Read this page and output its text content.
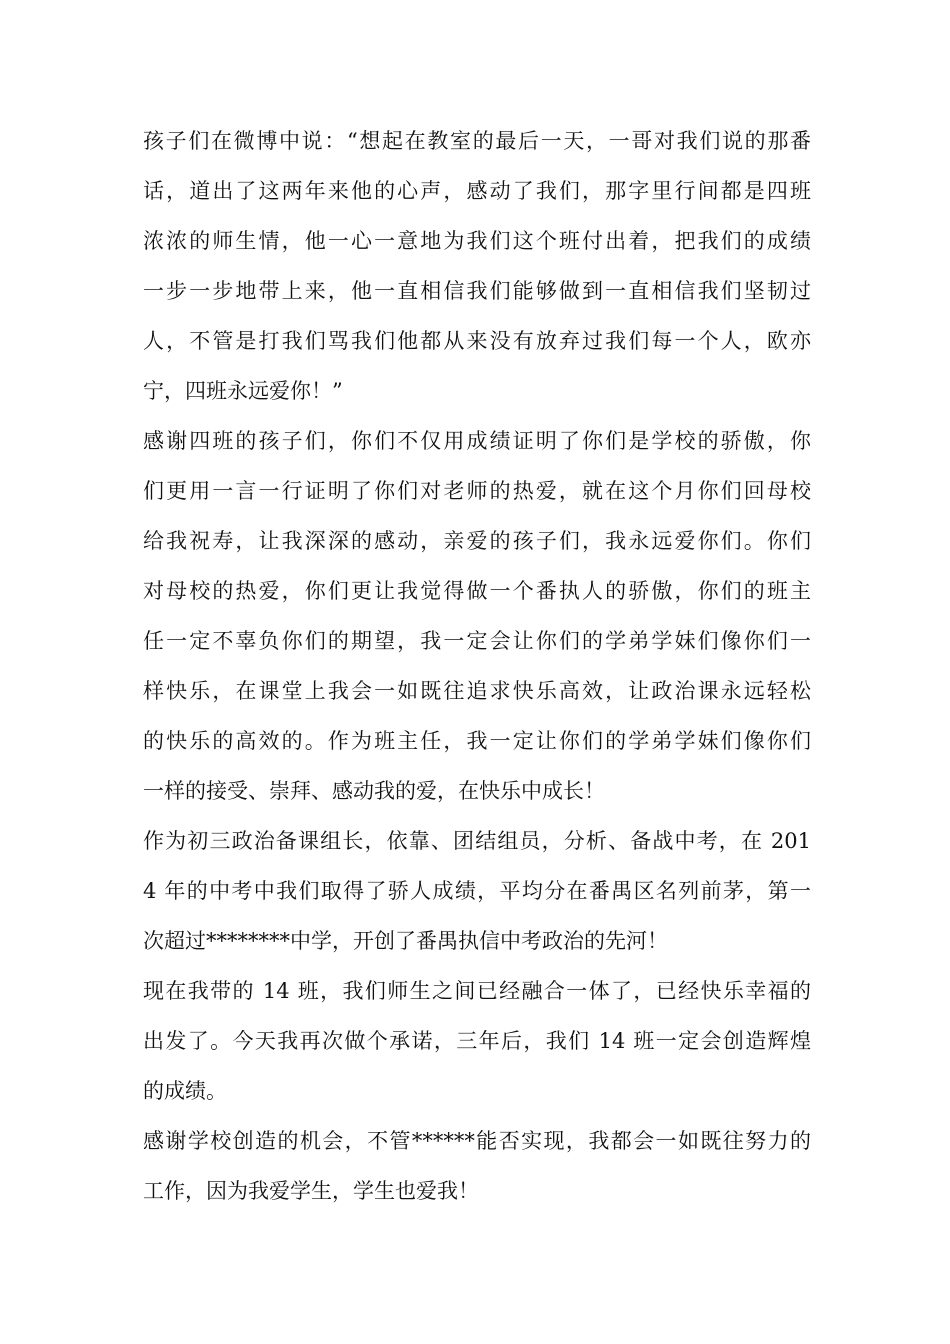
孩子们在微博中说：“想起在教室的最后一天，一哥对我们说的那番
话，道出了这两年来他的心声，感动了我们，那字里行间都是四班
浓浓的师生情，他一心一意地为我们这个班付出着，把我们的成绩
一步一步地带上来，他一直相信我们能够做到一直相信我们坚韧过
人，不管是打我们骂我们他都从来没有放弃过我们每一个人，欧亦
宁，四班永远爱你！”
感谢四班的孩子们，你们不仅用成绩证明了你们是学校的骄傲，你
们更用一言一行证明了你们对老师的热爱，就在这个月你们回母校
给我祝寿，让我深深的感动，亲爱的孩子们，我永远爱你们。你们
对母校的热爱，你们更让我觉得做一个番执人的骄傲，你们的班主
任一定不辜负你们的期望，我一定会让你们的学弟学妹们像你们一
样快乐，在课堂上我会一如既往追求快乐高效，让政治课永远轻松
的快乐的高效的。作为班主任，我一定让你们的学弟学妹们像你们
一样的接受、崇拜、感动我的爱，在快乐中成长！
作为初三政治备课组长，依靠、团结组员，分析、备战中考，在 201
4 年的中考中我们取得了骄人成绩，平均分在番禺区名列前茅，第一
次超过********中学，开创了番禺执信中考政治的先河！
现在我带的 14 班，我们师生之间已经融合一体了，已经快乐幸福的
出发了。今天我再次做个承诺，三年后，我们 14 班一定会创造辉煌
的成绩。
感谢学校创造的机会，不管******能否实现，我都会一如既往努力的
工作，因为我爱学生，学生也爱我！
